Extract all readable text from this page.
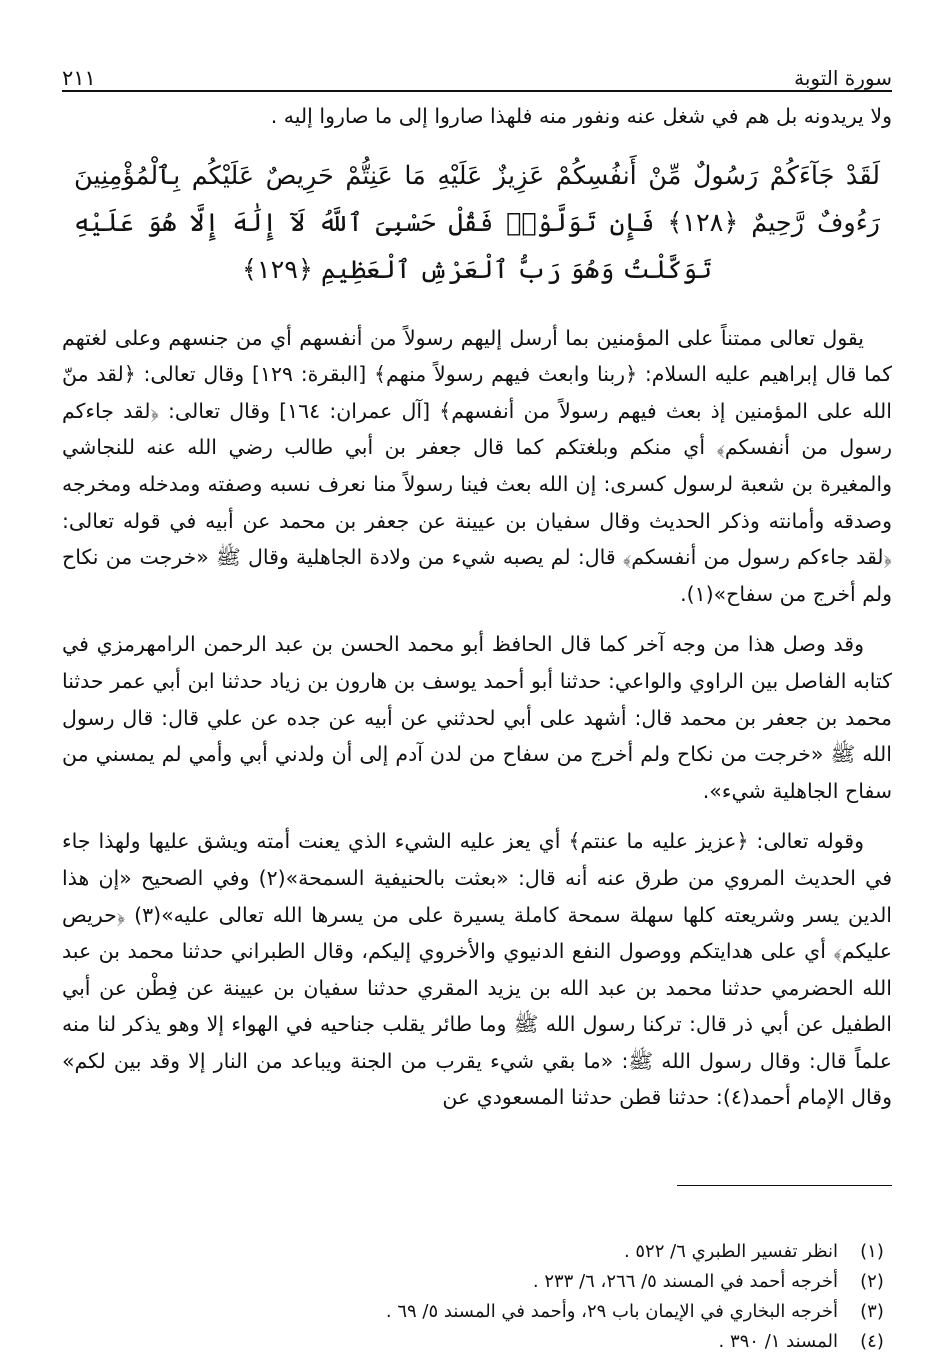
سورة التوبة
٢١١

ولا يريدونه بل هم في شغل عنه ونفور منه فلهذا صاروا إلى ما صاروا إليه .

لَقَدْ جَآءَكُمْ رَسُولٌ مِّنْ أَنفُسِكُمْ عَزِيزٌ عَلَيْهِ مَا عَنِتُّمْ حَرِيصٌ عَلَيْكُم بِٱلْمُؤْمِنِينَ رَءُوفٌ رَّحِيمٌ ﴿١٢٨﴾ فَإِن تَوَلَّوْا۟ فَقُلْ حَسْبِىَ ٱللَّهُ لَآ إِلَٰهَ إِلَّا هُوَ عَلَيْهِ تَوَكَّلْتُ وَهُوَ رَبُّ ٱلْعَرْشِ ٱلْعَظِيمِ ﴿١٢٩﴾

يقول تعالى ممتناً على المؤمنين بما أرسل إليهم رسولاً من أنفسهم أي من جنسهم وعلى لغتهم كما قال إبراهيم عليه السلام: ﴿ربنا وابعث فيهم رسولاً منهم﴾ [البقرة: ١٢٩] وقال تعالى: ﴿لقد منّ الله على المؤمنين إذ بعث فيهم رسولاً من أنفسهم﴾ [آل عمران: ١٦٤] وقال تعالى: ﴿لقد جاءكم رسول من أنفسكم﴾ أي منكم وبلغتكم كما قال جعفر بن أبي طالب رضي الله عنه للنجاشي والمغيرة بن شعبة لرسول كسرى: إن الله بعث فينا رسولاً منا نعرف نسبه وصفته ومدخله ومخرجه وصدقه وأمانته وذكر الحديث وقال سفيان بن عيينة عن جعفر بن محمد عن أبيه في قوله تعالى: ﴿لقد جاءكم رسول من أنفسكم﴾ قال: لم يصبه شيء من ولادة الجاهلية وقال ﷺ «خرجت من نكاح ولم أخرج من سفاح»(١).

وقد وصل هذا من وجه آخر كما قال الحافظ أبو محمد الحسن بن عبد الرحمن الرامهرمزي في كتابه الفاصل بين الراوي والواعي: حدثنا أبو أحمد يوسف بن هارون بن زياد حدثنا ابن أبي عمر حدثنا محمد بن جعفر بن محمد قال: أشهد على أبي لحدثني عن أبيه عن جده عن علي قال: قال رسول الله ﷺ «خرجت من نكاح ولم أخرج من سفاح من لدن آدم إلى أن ولدني أبي وأمي لم يمسني من سفاح الجاهلية شيء».

وقوله تعالى: ﴿عزيز عليه ما عنتم﴾ أي يعز عليه الشيء الذي يعنت أمته ويشق عليها ولهذا جاء في الحديث المروي من طرق عنه أنه قال: «بعثت بالحنيفية السمحة»(٢) وفي الصحيح «إن هذا الدين يسر وشريعته كلها سهلة سمحة كاملة يسيرة على من يسرها الله تعالى عليه»(٣) ﴿حريص عليكم﴾ أي على هدايتكم ووصول النفع الدنيوي والأخروي إليكم، وقال الطبراني حدثنا محمد بن عبد الله الحضرمي حدثنا محمد بن عبد الله بن يزيد المقري حدثنا سفيان بن عيينة عن فِطْن عن أبي الطفيل عن أبي ذر قال: تركنا رسول الله ﷺ وما طائر يقلب جناحيه في الهواء إلا وهو يذكر لنا منه علماً قال: وقال رسول الله ﷺ: «ما بقي شيء يقرب من الجنة ويباعد من النار إلا وقد بين لكم» وقال الإمام أحمد(٤): حدثنا قطن حدثنا المسعودي عن

(١)
انظر تفسير الطبري ٦/ ٥٢٢ .
(٢)
أخرجه أحمد في المسند ٥/ ٢٦٦، ٦/ ٢٣٣ .
(٣)
أخرجه البخاري في الإيمان باب ٢٩، وأحمد في المسند ٥/ ٦٩ .
(٤)
المسند ١/ ٣٩٠ .
